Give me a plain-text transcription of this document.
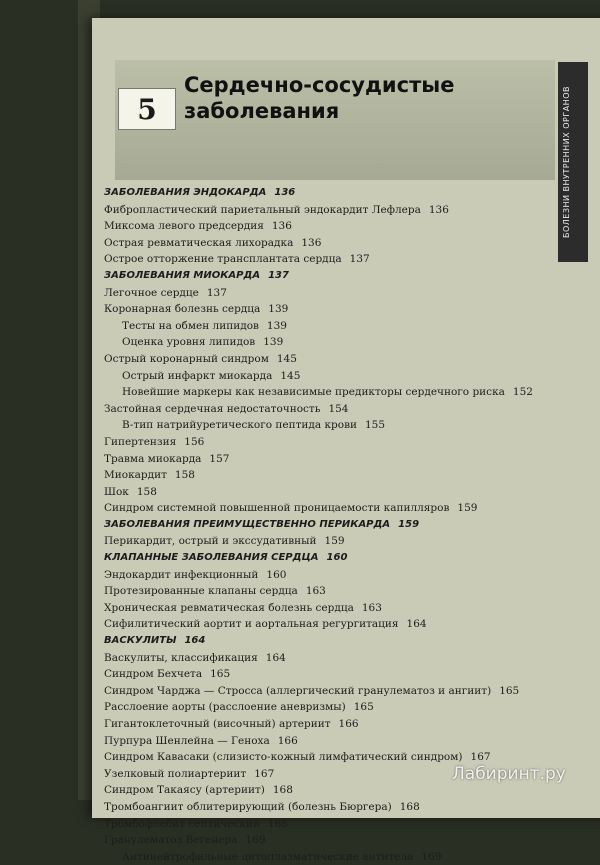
5
Сердечно-сосудистые
заболевания	БОЛЕЗНИ ВНУТРЕННИХ ОРГАНОВ
ЗАБОЛЕВАНИЯ ЭНДОКАРДА 136
Фибропластический париетальный эндокардит Лефлера 136
Миксома левого предсердия 136
Острая ревматическая лихорадка 136
Острое отторжение трансплантата сердца 137
ЗАБОЛЕВАНИЯ МИОКАРДА 137
Легочное сердце 137
Коронарная болезнь сердца 139
Тесты на обмен липидов 139
Оценка уровня липидов 139
Острый коронарный синдром 145
Острый инфаркт миокарда 145
Новейшие маркеры как независимые предикторы сердечного риска 152
Застойная сердечная недостаточность 154
B-тип натрийуретического пептида крови 155
Гипертензия 156
Травма миокарда 157
Миокардит 158
Шок 158
Синдром системной повышенной проницаемости капилляров 159
ЗАБОЛЕВАНИЯ ПРЕИМУЩЕСТВЕННО ПЕРИКАРДА 159
Перикардит, острый и экссудативный 159
КЛАПАННЫЕ ЗАБОЛЕВАНИЯ СЕРДЦА 160
Эндокардит инфекционный 160
Протезированные клапаны сердца 163
Хроническая ревматическая болезнь сердца 163
Сифилитический аортит и аортальная регургитация 164
ВАСКУЛИТЫ 164
Васкулиты, классификация 164
Синдром Бехчета 165
Синдром Чарджа — Стросса (аллергический гранулематоз и ангиит) 165
Расслоение аорты (расслоение аневризмы) 165
Гигантоклеточный (височный) артериит 166
Пурпура Шенлейна — Геноха 166
Синдром Кавасаки (слизисто-кожный лимфатический синдром) 167
Узелковый полиартериит 167
Синдром Такаясу (артериит) 168
Тромбоангиит облитерирующий (болезнь Бюргера) 168
Тромбофлебит септический 168
Гранулематоз Вегенера 169
Антинейтрофильные цитоплазматические антитела 169
Лабиринт.ру
